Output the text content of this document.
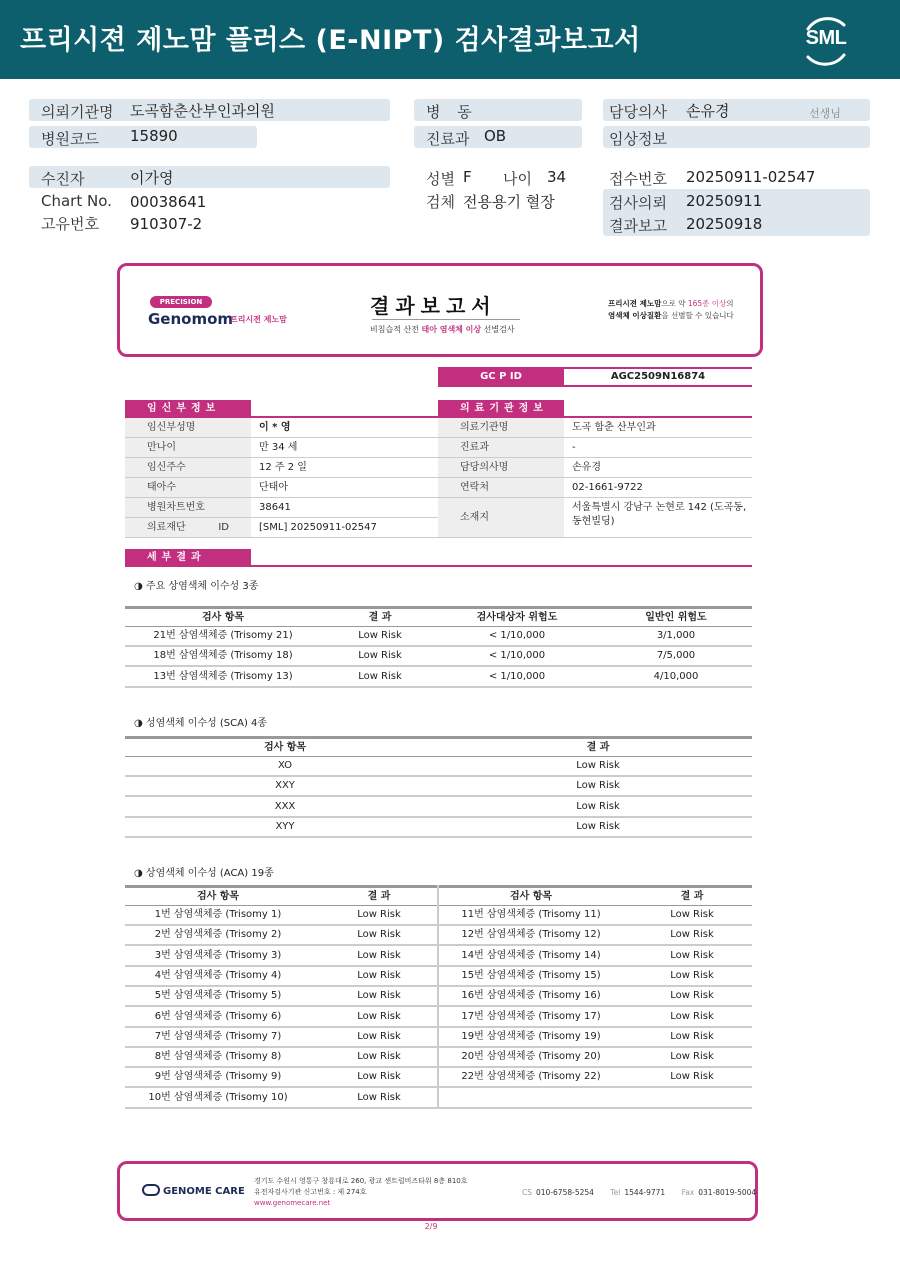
프리시젼 제노맘 플러스 (E-NIPT) 검사결과보고서	SML
의뢰기관명 도곡함춘산부인과의원
병원코드 15890
수진자	이가영
Chart No. 00038641
고유번호 910307-2
병 동
진료과 OB
성별 F 나이 34
검체 전용용기 혈장
담당의사 손유경	선생님
임상정보
접수번호 20250911-02547
검사의뢰 20250911
결과보고 20250918
PRECISION
Genomom
프리시젼 제노맘
결과보고서
비침습적 산전 태아 염색체 이상 선별검사
프리시젼 제노맘으로 약 165종 이상의
염색체 이상질환을 선별할 수 있습니다
GC P ID	AGC2509N16874
임신부정보
임신부성명	이 * 영
만나이	만 34 세
임신주수	12 주 2 일
태아수	단태아
병원차트번호	38641
의료재단 ID	[SML] 20250911-02547
의료기관정보
의료기관명	도곡 함춘 산부인과
진료과	-
담당의사명	손유경
연락처	02-1661-9722
소재지
서울특별시 강남구 논현로 142 (도곡동, 동현빌딩)
세부결과
◑ 주요 상염색체 이수성 3종
검사 항목	결 과	검사대상자 위험도	일반인 위험도
21번 삼염색체증 (Trisomy 21)	Low Risk	< 1/10,000	3/1,000
18번 삼염색체증 (Trisomy 18)	Low Risk	< 1/10,000	7/5,000
13번 삼염색체증 (Trisomy 13)	Low Risk	< 1/10,000	4/10,000
◑ 성염색체 이수성 (SCA) 4종
검사 항목	결 과
XO	Low Risk
XXY	Low Risk
XXX	Low Risk
XYY	Low Risk
◑ 상염색체 이수성 (ACA) 19종
검사 항목	결 과	검사 항목	결 과
1번 삼염색체증 (Trisomy 1)	Low Risk	11번 삼염색체증 (Trisomy 11)	Low Risk
2번 삼염색체증 (Trisomy 2)	Low Risk	12번 삼염색체증 (Trisomy 12)	Low Risk
3번 삼염색체증 (Trisomy 3)	Low Risk	14번 삼염색체증 (Trisomy 14)	Low Risk
4번 삼염색체증 (Trisomy 4)	Low Risk	15번 삼염색체증 (Trisomy 15)	Low Risk
5번 삼염색체증 (Trisomy 5)	Low Risk	16번 삼염색체증 (Trisomy 16)	Low Risk
6번 삼염색체증 (Trisomy 6)	Low Risk	17번 삼염색체증 (Trisomy 17)	Low Risk
7번 삼염색체증 (Trisomy 7)	Low Risk	19번 삼염색체증 (Trisomy 19)	Low Risk
8번 삼염색체증 (Trisomy 8)	Low Risk	20번 삼염색체증 (Trisomy 20)	Low Risk
9번 삼염색체증 (Trisomy 9)	Low Risk	22번 삼염색체증 (Trisomy 22)	Low Risk
10번 삼염색체증 (Trisomy 10)	Low Risk
GENOME CARE
경기도 수원시 영통구 창룡대로 260, 광교 센트럴비즈타워 8층 810호
유전자검사기관 신고번호 : 제 274호
www.genomecare.net
CS 010-6758-5254 Tel 1544-9771 Fax 031-8019-5004
2/9
